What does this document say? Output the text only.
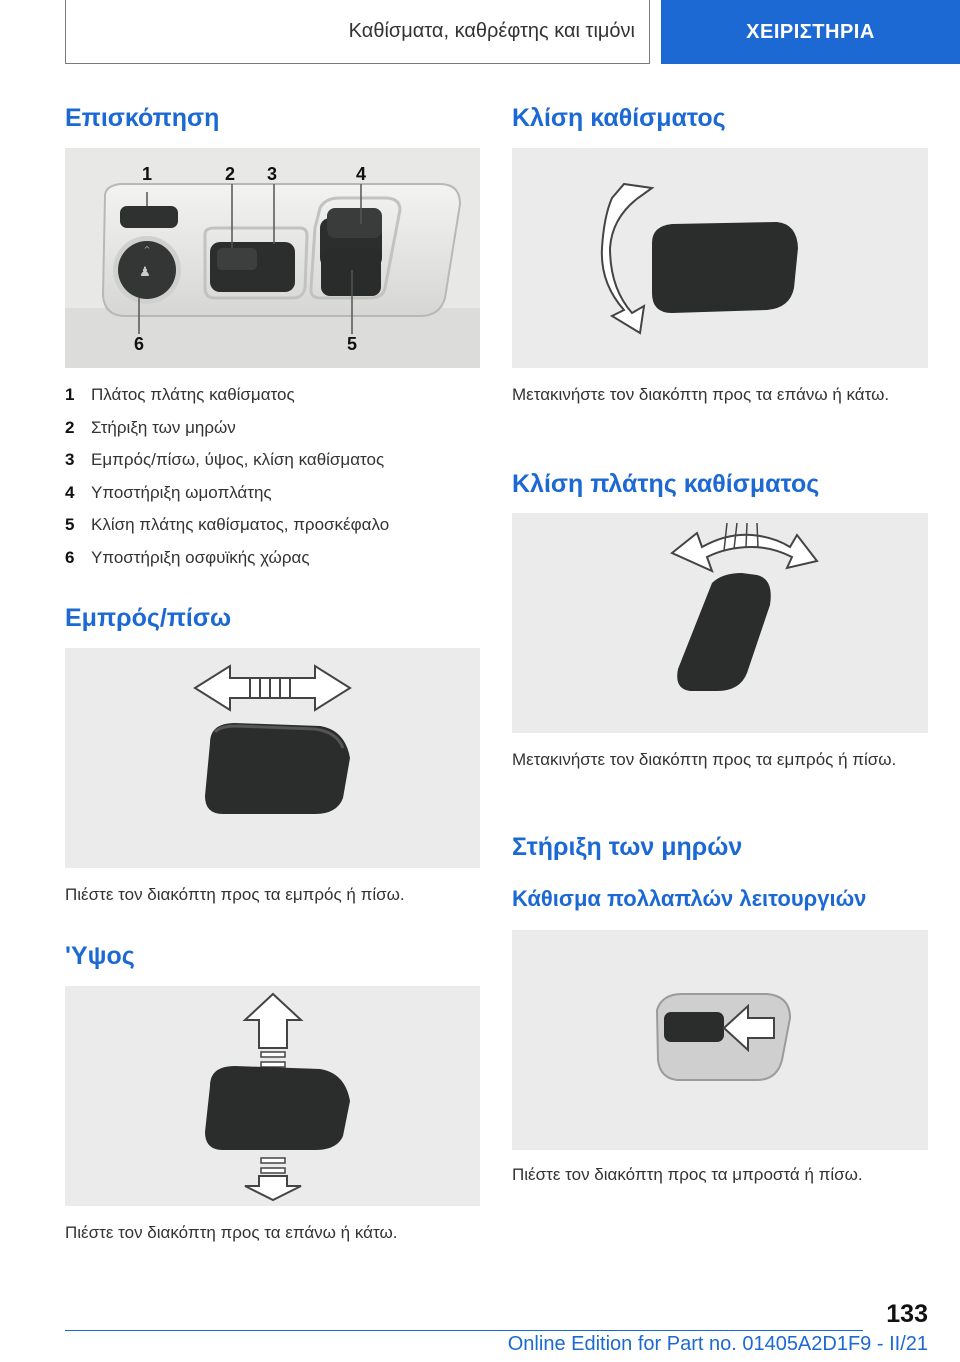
Καθίσματα, καθρέφτης και τιμόνι	ΧΕΙΡΙΣΤΗΡΙΑ
Επισκόπηση
^
♟
1	2 3	4
5
6
1 Πλάτος πλάτης καθίσματος
2 Στήριξη των μηρών
3 Εμπρός/πίσω, ύψος, κλίση καθίσματος
4 Υποστήριξη ωμοπλάτης
5 Κλίση πλάτης καθίσματος, προσκέφαλο
6 Υποστήριξη οσφυϊκής χώρας
Εμπρός/πίσω

Πιέστε τον διακόπτη προς τα εμπρός ή πίσω.

'Υψος

Πιέστε τον διακόπτη προς τα επάνω ή κάτω.

Κλίση καθίσματος

Μετακινήστε τον διακόπτη προς τα επάνω ή κάτω.

Κλίση πλάτης καθίσματος

Μετακινήστε τον διακόπτη προς τα εμπρός ή πίσω.

Στήριξη των μηρών
Κάθισμα πολλαπλών λειτουργιών

Πιέστε τον διακόπτη προς τα μπροστά ή πίσω.

133
Online Edition for Part no. 01405A2D1F9 - II/21
